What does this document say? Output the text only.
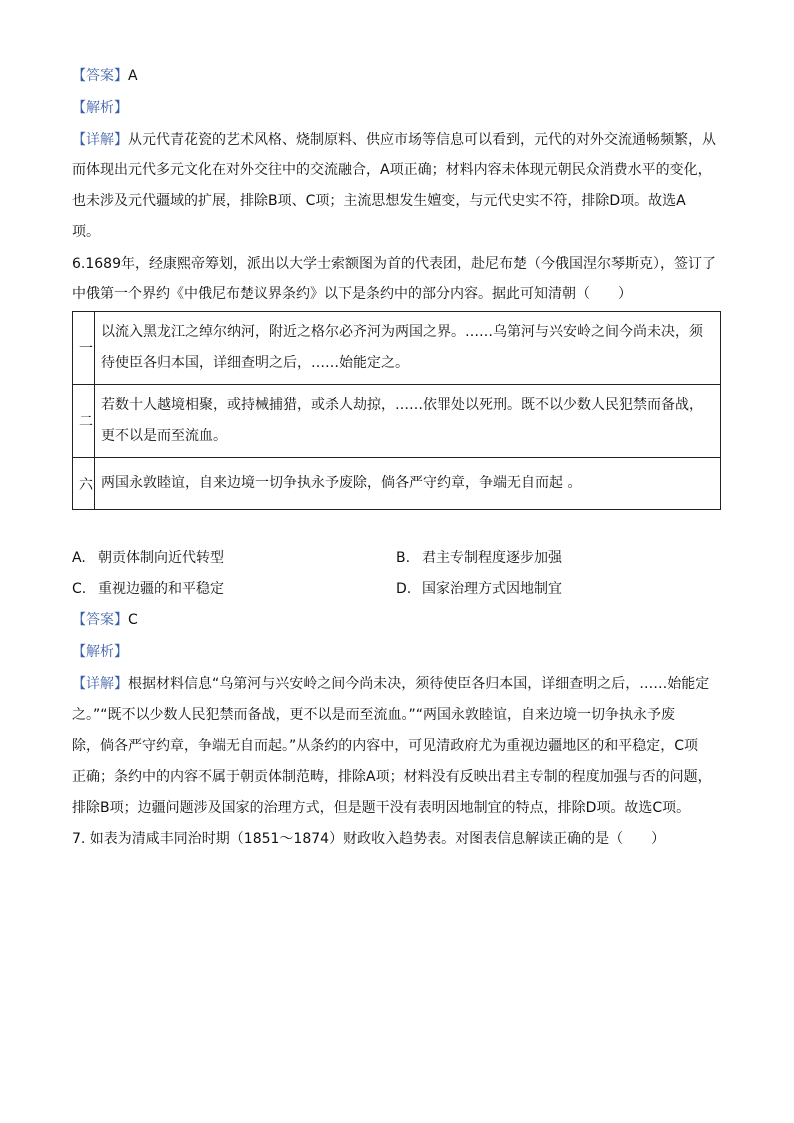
【答案】A
【解析】
【详解】从元代青花瓷的艺术风格、烧制原料、供应市场等信息可以看到，元代的对外交流通畅频繁，从
而体现出元代多元文化在对外交往中的交流融合，A项正确；材料内容未体现元朝民众消费水平的变化，
也未涉及元代疆域的扩展，排除B项、C项；主流思想发生嬗变，与元代史实不符，排除D项。故选A
项。
6.1689年，经康熙帝筹划，派出以大学士索额图为首的代表团，赴尼布楚（今俄国涅尔琴斯克），签订了
中俄第一个界约《中俄尼布楚议界条约》以下是条约中的部分内容。据此可知清朝（　　）
一
以流入黑龙江之绰尔纳河，附近之格尔必齐河为两国之界。……乌第河与兴安岭之间今尚未决，须
待使臣各归本国，详细查明之后，……始能定之。
二
若数十人越境相聚，或持械捕猎，或杀人劫掠，……依罪处以死刑。既不以少数人民犯禁而备战，
更不以是而至流血。
六 两国永敦睦谊，自来边境一切争执永予废除，倘各严守约章，争端无自而起 。
A. 朝贡体制向近代转型	B. 君主专制程度逐步加强
C. 重视边疆的和平稳定	D. 国家治理方式因地制宜
【答案】C
【解析】
【详解】根据材料信息“乌第河与兴安岭之间今尚未决，须待使臣各归本国，详细查明之后，……始能定
之。”“既不以少数人民犯禁而备战，更不以是而至流血。”“两国永敦睦谊，自来边境一切争执永予废
除，倘各严守约章，争端无自而起。”从条约的内容中，可见清政府尤为重视边疆地区的和平稳定，C项
正确；条约中的内容不属于朝贡体制范畴，排除A项；材料没有反映出君主专制的程度加强与否的问题，
排除B项；边疆问题涉及国家的治理方式，但是题干没有表明因地制宜的特点，排除D项。故选C项。
7. 如表为清咸丰同治时期（1851～1874）财政收入趋势表。对图表信息解读正确的是（　　）
